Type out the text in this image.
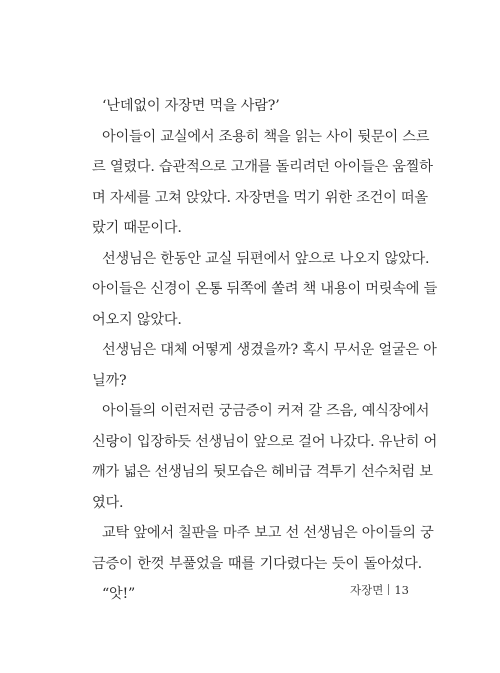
‘난데없이 자장면 먹을 사람?’
아이들이 교실에서 조용히 책을 읽는 사이 뒷문이 스르
르 열렸다. 습관적으로 고개를 돌리려던 아이들은 움찔하
며 자세를 고쳐 앉았다. 자장면을 먹기 위한 조건이 떠올
랐기 때문이다.
선생님은 한동안 교실 뒤편에서 앞으로 나오지 않았다.
아이들은 신경이 온통 뒤쪽에 쏠려 책 내용이 머릿속에 들
어오지 않았다.
선생님은 대체 어떻게 생겼을까? 혹시 무서운 얼굴은 아
닐까?
아이들의 이런저런 궁금증이 커져 갈 즈음, 예식장에서
신랑이 입장하듯 선생님이 앞으로 걸어 나갔다. 유난히 어
깨가 넓은 선생님의 뒷모습은 헤비급 격투기 선수처럼 보
였다.
교탁 앞에서 칠판을 마주 보고 선 선생님은 아이들의 궁
금증이 한껏 부풀었을 때를 기다렸다는 듯이 돌아섰다.
“앗!”	자장면 13
